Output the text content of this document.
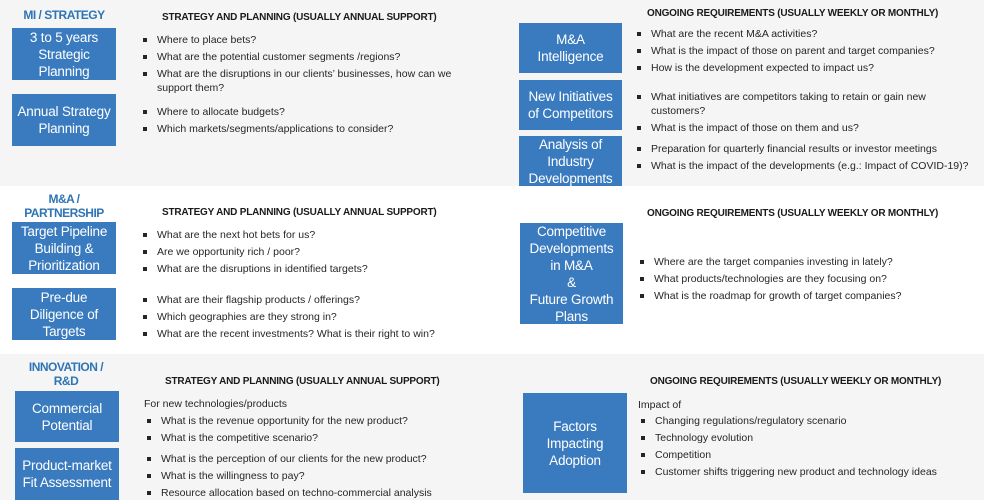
MI / STRATEGY	STRATEGY AND PLANNING (USUALLY ANNUAL SUPPORT)	ONGOING REQUIREMENTS (USUALLY WEEKLY OR MONTHLY)
3 to 5 years
Strategic
Planning
Where to place bets?
What are the potential customer segments /regions?
What are the disruptions in our clients’ businesses, how can we support them?
Annual Strategy
Planning
Where to allocate budgets?
Which markets/segments/applications to consider?
M&A
Intelligence
What are the recent M&A activities?
What is the impact of those on parent and target companies?
How is the development expected to impact us?
New Initiatives
of Competitors
What initiatives are competitors taking to retain or gain new customers?
What is the impact of those on them and us?
Analysis of
Industry
Developments
Preparation for quarterly financial results or investor meetings
What is the impact of the developments (e.g.: Impact of COVID-19)?
M&A /
PARTNERSHIP	STRATEGY AND PLANNING (USUALLY ANNUAL SUPPORT)	ONGOING REQUIREMENTS (USUALLY WEEKLY OR MONTHLY)
Target Pipeline
Building &
Prioritization
What are the next hot bets for us?
Are we opportunity rich / poor?
What are the disruptions in identified targets?
Pre-due
Diligence of
Targets
What are their flagship products / offerings?
Which geographies are they strong in?
What are the recent investments? What is their right to win?
Competitive
Developments
in M&A
&
Future Growth
Plans
Where are the target companies investing in lately?
What products/technologies are they focusing on?
What is the roadmap for growth of target companies?
INNOVATION /
R&D	STRATEGY AND PLANNING (USUALLY ANNUAL SUPPORT)	ONGOING REQUIREMENTS (USUALLY WEEKLY OR MONTHLY)
For new technologies/products
Commercial
Potential	What is the revenue opportunity for the new product?
What is the competitive scenario?
Product-market
Fit Assessment
What is the perception of our clients for the new product?
What is the willingness to pay?
Resource allocation based on techno-commercial analysis
Impact of
Factors
Impacting
Adoption
Changing regulations/regulatory scenario
Technology evolution
Competition
Customer shifts triggering new product and technology ideas
